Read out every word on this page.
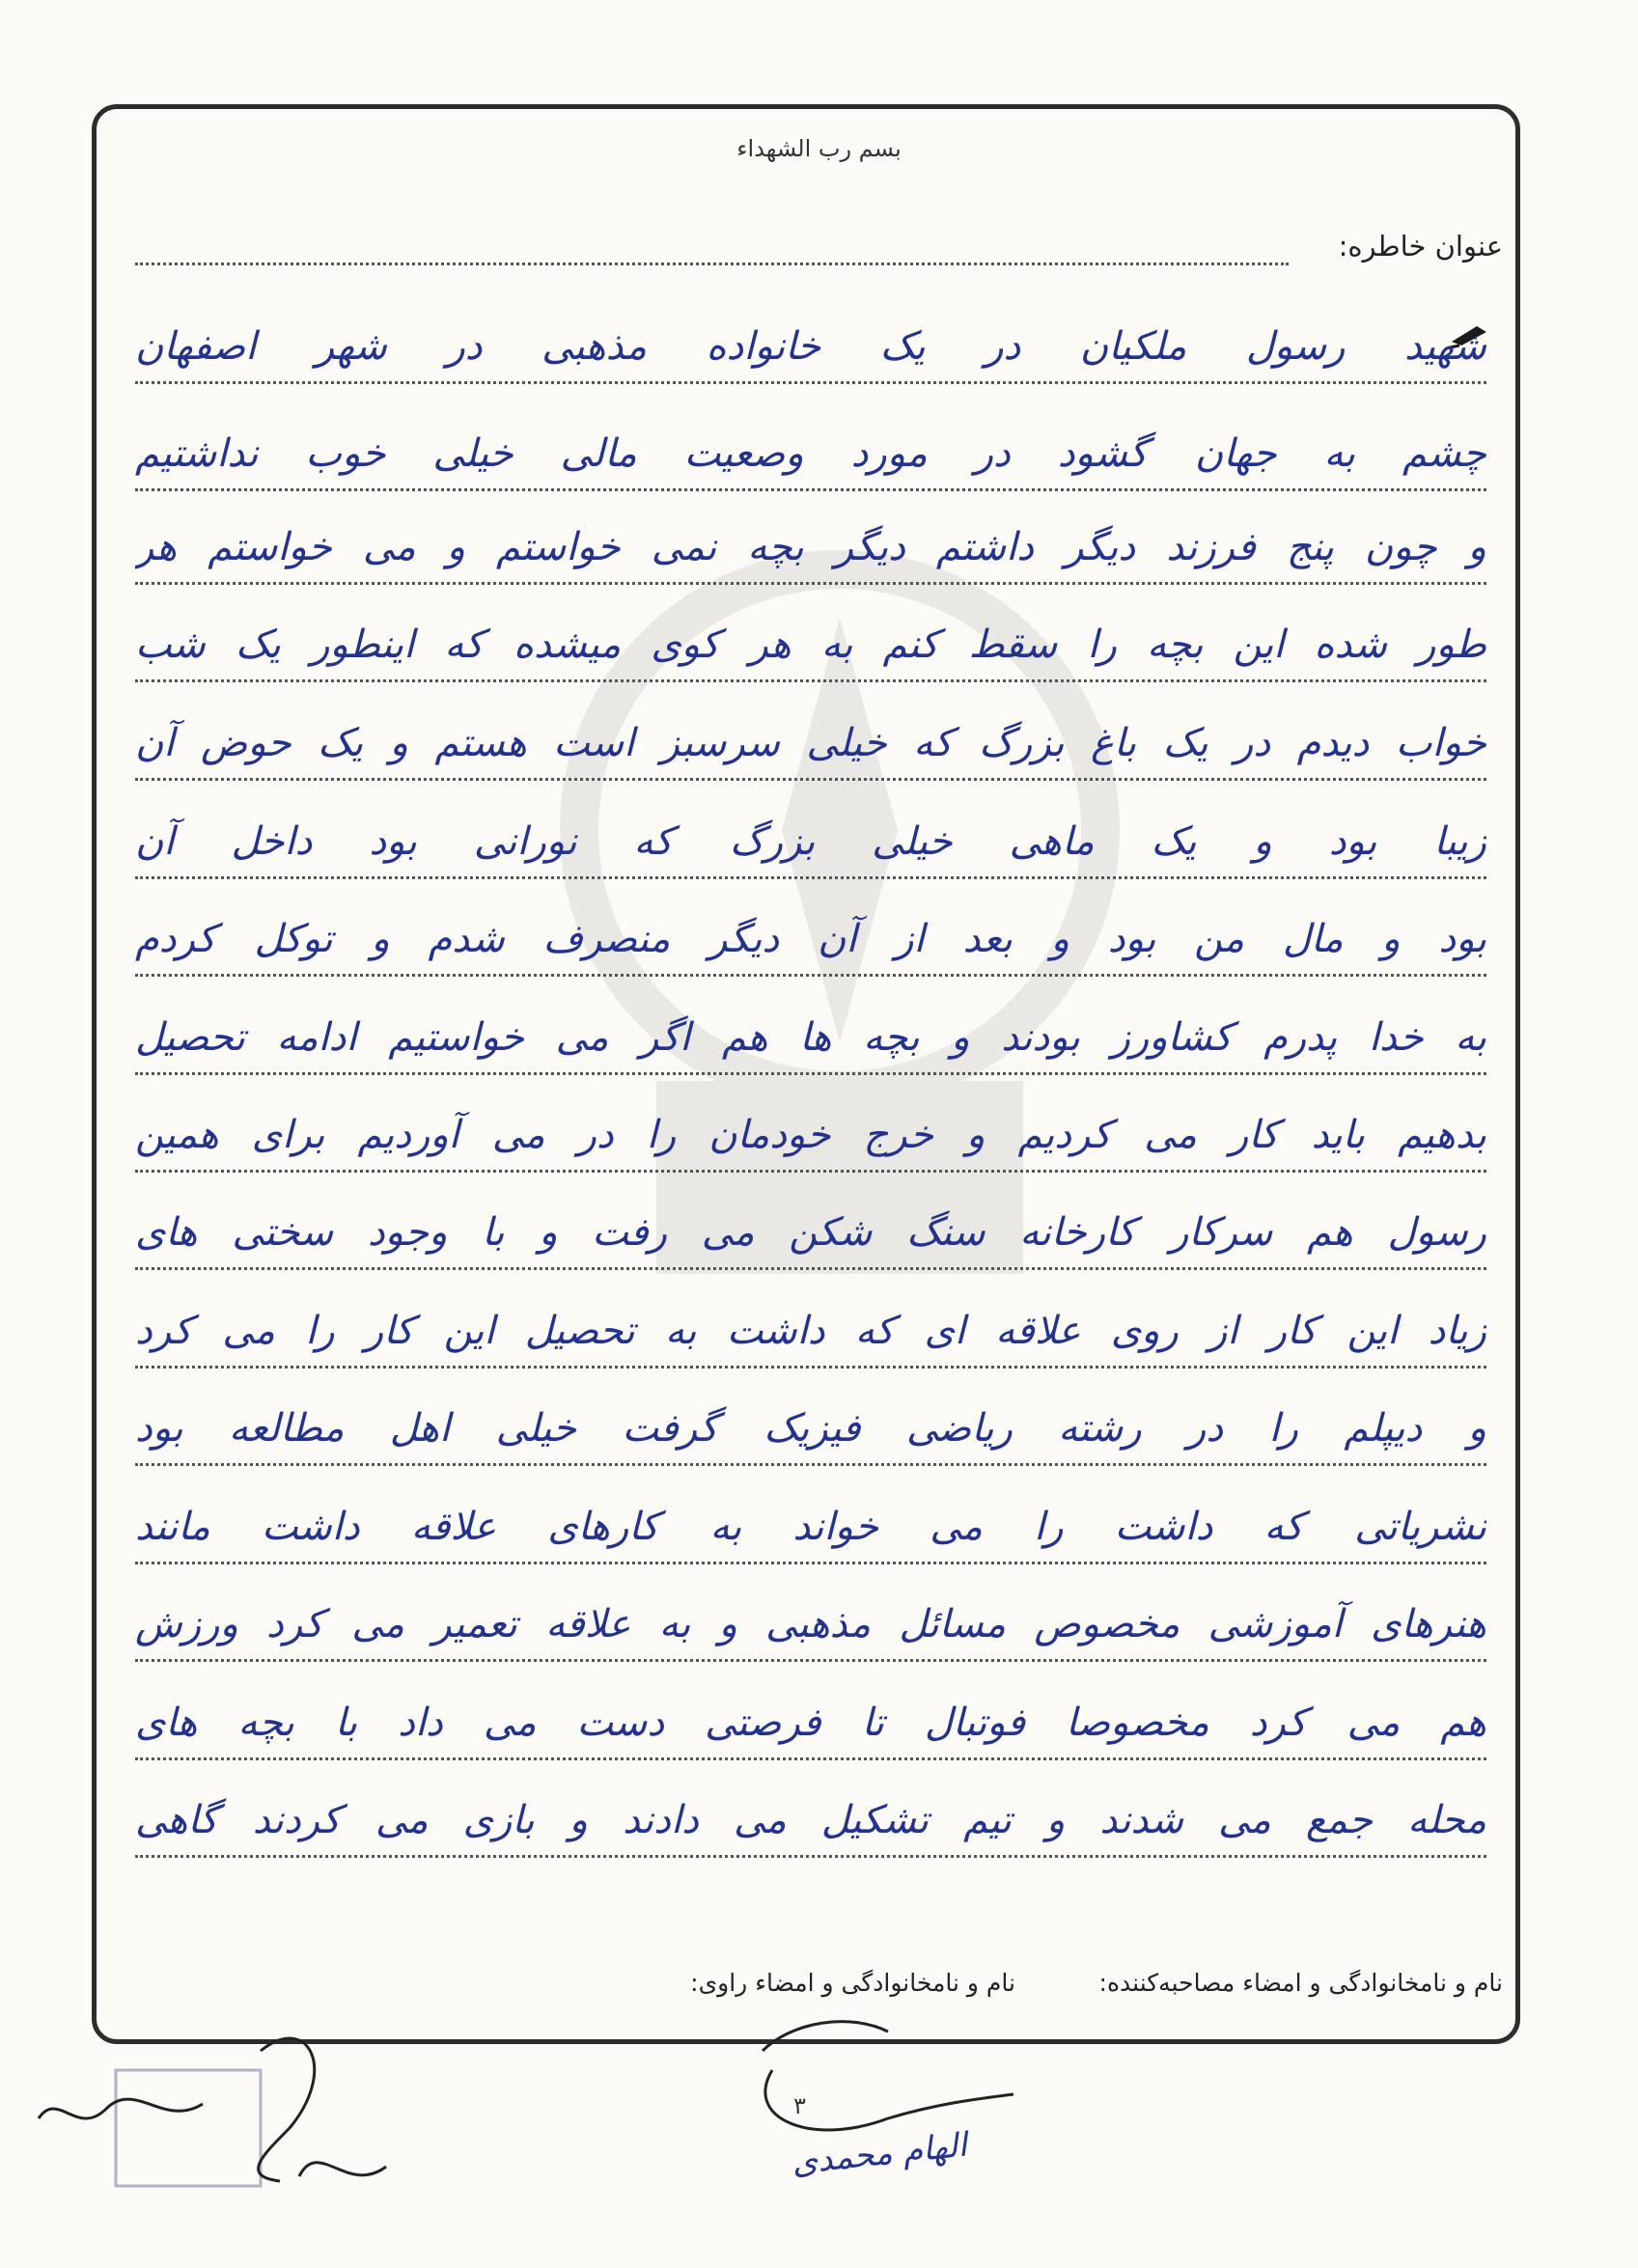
بسم رب الشهداء
عنوان خاطره:
شهید رسول ملکیان در یک خانواده مذهبی در شهر اصفهان
چشم به جهان گشود در مورد وصعیت مالی خیلی خوب نداشتیم
و چون پنج فرزند دیگر داشتم دیگر بچه نمی خواستم و می خواستم هر
طور شده این بچه را سقط کنم به هر کوی میشده که اینطور یک شب
خواب دیدم در یک باغ بزرگ که خیلی سرسبز است هستم و یک حوض آن
زیبا بود و یک ماهی خیلی بزرگ که نورانی بود داخل آن
بود و مال من بود و بعد از آن دیگر منصرف شدم و توکل کردم
به خدا پدرم کشاورز بودند و بچه ها هم اگر می خواستیم ادامه تحصیل
بدهیم باید کار می کردیم و خرج خودمان را در می آوردیم برای همین
رسول هم سرکار کارخانه سنگ شکن می رفت و با وجود سختی های
زیاد این کار از روی علاقه ای که داشت به تحصیل این کار را می کرد
و دیپلم را در رشته ریاضی فیزیک گرفت خیلی اهل مطالعه بود
نشریاتی که داشت را می خواند به کارهای علاقه داشت مانند
هنرهای آموزشی مخصوص مسائل مذهبی و به علاقه تعمیر می کرد ورزش
هم می کرد مخصوصا فوتبال تا فرصتی دست می داد با بچه های
محله جمع می شدند و تیم تشکیل می دادند و بازی می کردند گاهی
نام و نامخانوادگی و امضاء مصاحبه‌کننده:
نام و نامخانوادگی و امضاء راوی:
۳
الهام محمدی
